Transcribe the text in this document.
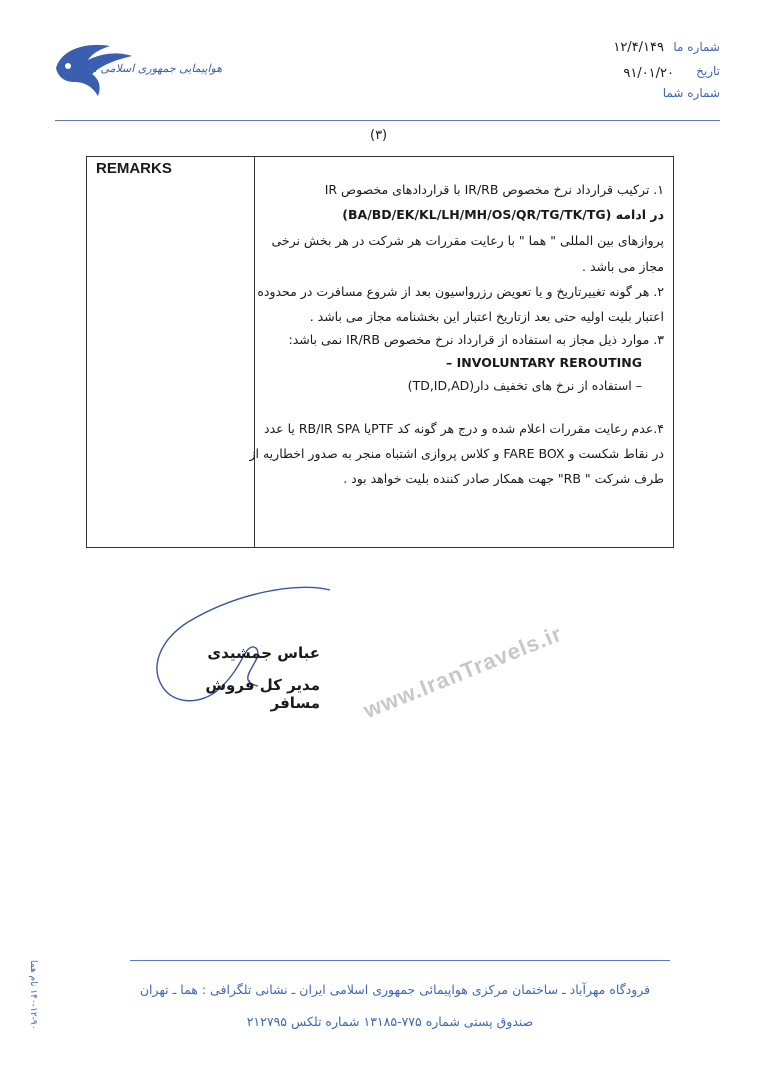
هواپیمایی جمهوری اسلامی ایران
شماره ما
۱۲/۴/۱۴۹
تاریخ
۹۱/۰۱/۲۰
شماره شما
(۳)
REMARKS
۱. ترکیب قرارداد نرخ مخصوص IR/RB با قراردادهای مخصوص IR
(BA/BD/EK/KL/LH/MH/OS/QR/TG/TK/TG) در ادامه
پروازهای بین المللی " هما " با رعایت مقررات هر شرکت در هر بخش نرخی
مجاز می باشد .
۲. هر گونه تغییرتاریخ و یا تعویض رزرواسیون بعد از شروع مسافرت در محدوده
اعتبار بلیت اولیه حتی بعد ازتاریخ اعتبار این بخشنامه مجاز می باشد .
۳. موارد ذیل مجاز به استفاده از قرارداد نرخ مخصوص IR/RB نمی باشد:
– INVOLUNTARY REROUTING
– استفاده از نرخ های تخفیف دار(TD,ID,AD)
۴.عدم رعایت مقررات اعلام شده و درج هر گونه کد PTFیا RB/IR SPA یا عدد
در نقاط شکست و FARE BOX و کلاس پروازی اشتباه منجر به صدور اخطاریه از
طرف شرکت " RB" جهت همکار صادر کننده بلیت خواهد بود .
عباس جمشیدی
مدیر کل فروش مسافر www.IranTravels.ir
فرودگاه مهرآباد ـ ساختمان مرکزی هواپیمائی جمهوری اسلامی ایران ـ نشانی تلگرافی : هما ـ تهران
صندوق پستی شماره ۷۷۵-۱۳۱۸۵ شماره تلکس ۲۱۲۷۹۵
۱۴۰-۱۲-۹۰ نام هما
